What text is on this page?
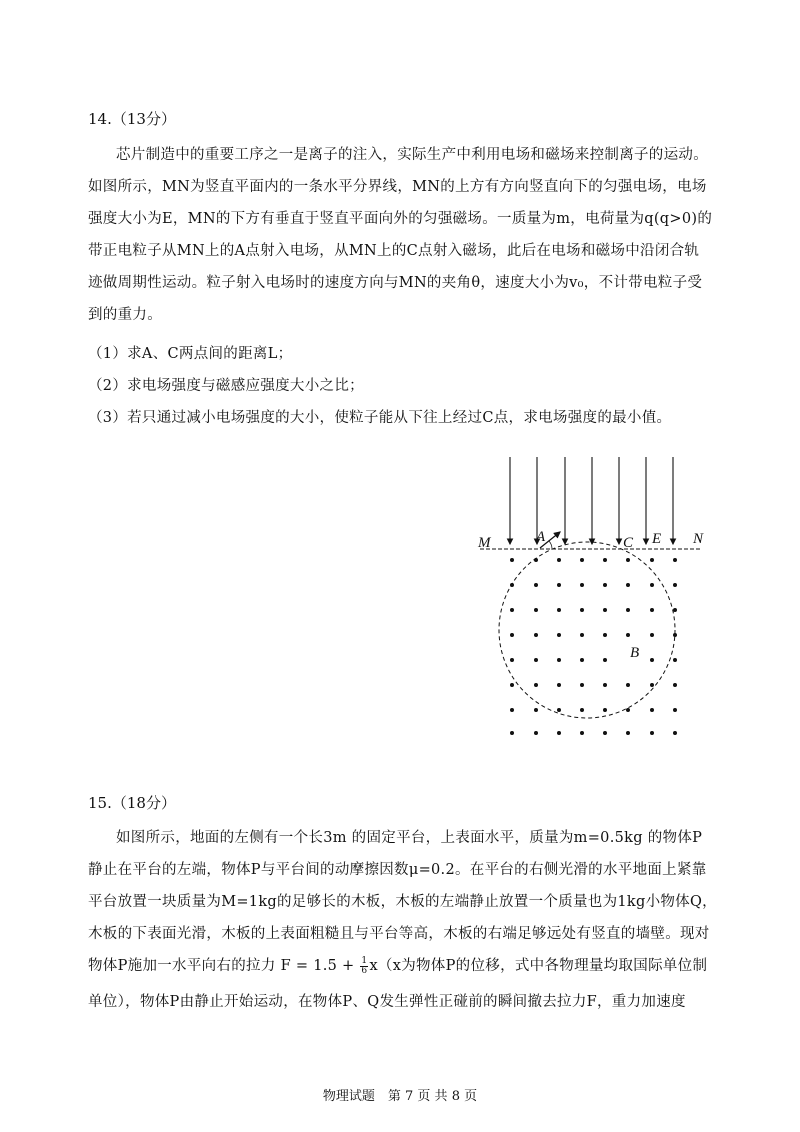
14.（13分）
芯片制造中的重要工序之一是离子的注入，实际生产中利用电场和磁场来控制离子的运动。
如图所示，MN为竖直平面内的一条水平分界线，MN的上方有方向竖直向下的匀强电场，电场
强度大小为E，MN的下方有垂直于竖直平面向外的匀强磁场。一质量为m，电荷量为q(q>0)的
带正电粒子从MN上的A点射入电场，从MN上的C点射入磁场，此后在电场和磁场中沿闭合轨
迹做周期性运动。粒子射入电场时的速度方向与MN的夹角θ，速度大小为v₀，不计带电粒子受
到的重力。
（1）求A、C两点间的距离L；
（2）求电场强度与磁感应强度大小之比；
（3）若只通过减小电场强度的大小，使粒子能从下往上经过C点，求电场强度的最小值。
M	A	C E N
B
15.（18分）
如图所示，地面的左侧有一个长3m 的固定平台，上表面水平，质量为m=0.5kg 的物体P
静止在平台的左端，物体P与平台间的动摩擦因数μ=0.2。在平台的右侧光滑的水平地面上紧靠
平台放置一块质量为M=1kg的足够长的木板，木板的左端静止放置一个质量也为1kg小物体Q，
木板的下表面光滑，木板的上表面粗糙且与平台等高，木板的右端足够远处有竖直的墙壁。现对
物体P施加一水平向右的拉力 $F = 1.5 + \frac{1}{6} x(x$为物体P的位移，式中各物理量均取国际单位制
单位），物体P由静止开始运动，在物体P、Q发生弹性正碰前的瞬间撤去拉力F，重力加速度
物理试题　第 7 页 共 8 页
